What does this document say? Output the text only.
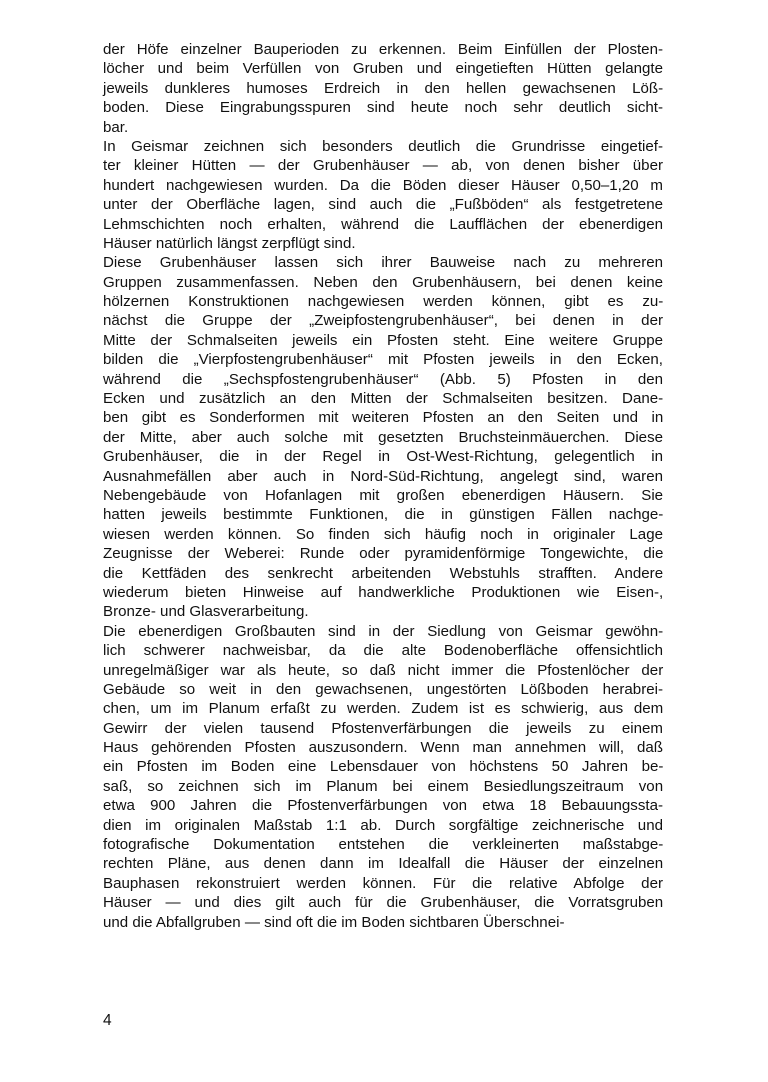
der Höfe einzelner Bauperioden zu erkennen. Beim Einfüllen der Plosten-
löcher und beim Verfüllen von Gruben und eingetieften Hütten gelangte
jeweils dunkleres humoses Erdreich in den hellen gewachsenen Löß-
boden. Diese Eingrabungsspuren sind heute noch sehr deutlich sicht-
bar.
In Geismar zeichnen sich besonders deutlich die Grundrisse eingetief-
ter kleiner Hütten — der Grubenhäuser — ab, von denen bisher über
hundert nachgewiesen wurden. Da die Böden dieser Häuser 0,50–1,20 m
unter der Oberfläche lagen, sind auch die „Fußböden“ als festgetretene
Lehmschichten noch erhalten, während die Laufflächen der ebenerdigen
Häuser natürlich längst zerpflügt sind.
Diese Grubenhäuser lassen sich ihrer Bauweise nach zu mehreren
Gruppen zusammenfassen. Neben den Grubenhäusern, bei denen keine
hölzernen Konstruktionen nachgewiesen werden können, gibt es zu-
nächst die Gruppe der „Zweipfostengrubenhäuser“, bei denen in der
Mitte der Schmalseiten jeweils ein Pfosten steht. Eine weitere Gruppe
bilden die „Vierpfostengrubenhäuser“ mit Pfosten jeweils in den Ecken,
während die „Sechspfostengrubenhäuser“ (Abb. 5) Pfosten in den
Ecken und zusätzlich an den Mitten der Schmalseiten besitzen. Dane-
ben gibt es Sonderformen mit weiteren Pfosten an den Seiten und in
der Mitte, aber auch solche mit gesetzten Bruchsteinmäuerchen. Diese
Grubenhäuser, die in der Regel in Ost-West-Richtung, gelegentlich in
Ausnahmefällen aber auch in Nord-Süd-Richtung, angelegt sind, waren
Nebengebäude von Hofanlagen mit großen ebenerdigen Häusern. Sie
hatten jeweils bestimmte Funktionen, die in günstigen Fällen nachge-
wiesen werden können. So finden sich häufig noch in originaler Lage
Zeugnisse der Weberei: Runde oder pyramidenförmige Tongewichte, die
die Kettfäden des senkrecht arbeitenden Webstuhls strafften. Andere
wiederum bieten Hinweise auf handwerkliche Produktionen wie Eisen-,
Bronze- und Glasverarbeitung.
Die ebenerdigen Großbauten sind in der Siedlung von Geismar gewöhn-
lich schwerer nachweisbar, da die alte Bodenoberfläche offensichtlich
unregelmäßiger war als heute, so daß nicht immer die Pfostenlöcher der
Gebäude so weit in den gewachsenen, ungestörten Lößboden herabrei-
chen, um im Planum erfaßt zu werden. Zudem ist es schwierig, aus dem
Gewirr der vielen tausend Pfostenverfärbungen die jeweils zu einem
Haus gehörenden Pfosten auszusondern. Wenn man annehmen will, daß
ein Pfosten im Boden eine Lebensdauer von höchstens 50 Jahren be-
saß, so zeichnen sich im Planum bei einem Besiedlungszeitraum von
etwa 900 Jahren die Pfostenverfärbungen von etwa 18 Bebauungssta-
dien im originalen Maßstab 1:1 ab. Durch sorgfältige zeichnerische und
fotografische Dokumentation entstehen die verkleinerten maßstabge-
rechten Pläne, aus denen dann im Idealfall die Häuser der einzelnen
Bauphasen rekonstruiert werden können. Für die relative Abfolge der
Häuser — und dies gilt auch für die Grubenhäuser, die Vorratsgruben
und die Abfallgruben — sind oft die im Boden sichtbaren Überschnei-
4
